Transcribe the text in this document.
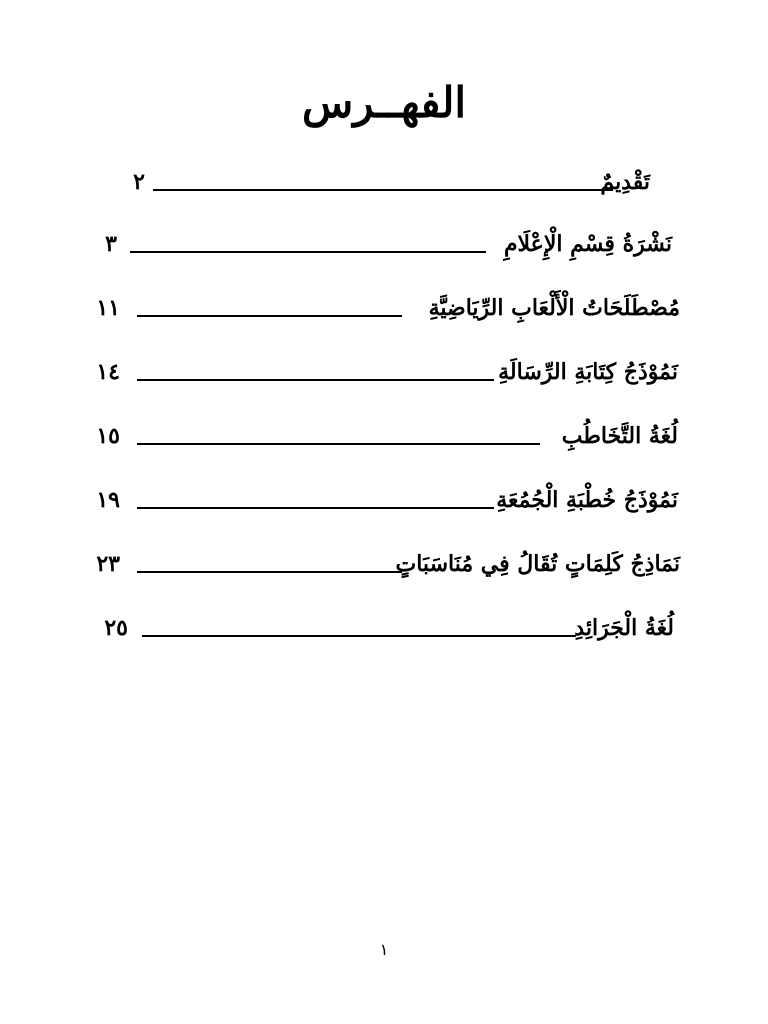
الفهــرس
تَقْدِيمٌ
٢
نَشْرَةُ قِسْمِ الْإِعْلَامِ
٣
مُصْطَلَحَاتُ الْأَلْعَابِ الرِّيَاضِيَّةِ
١١
نَمُوْذَجُ كِتَابَةِ الرِّسَالَةِ
١٤
لُغَةُ التَّخَاطُبِ
١٥
نَمُوْذَجُ خُطْبَةِ الْجُمُعَةِ
١٩
نَمَاذِجُ كَلِمَاتٍ تُقَالُ فِي مُنَاسَبَاتٍ
٢٣
لُغَةُ الْجَرَائِدِ
٢٥
١
